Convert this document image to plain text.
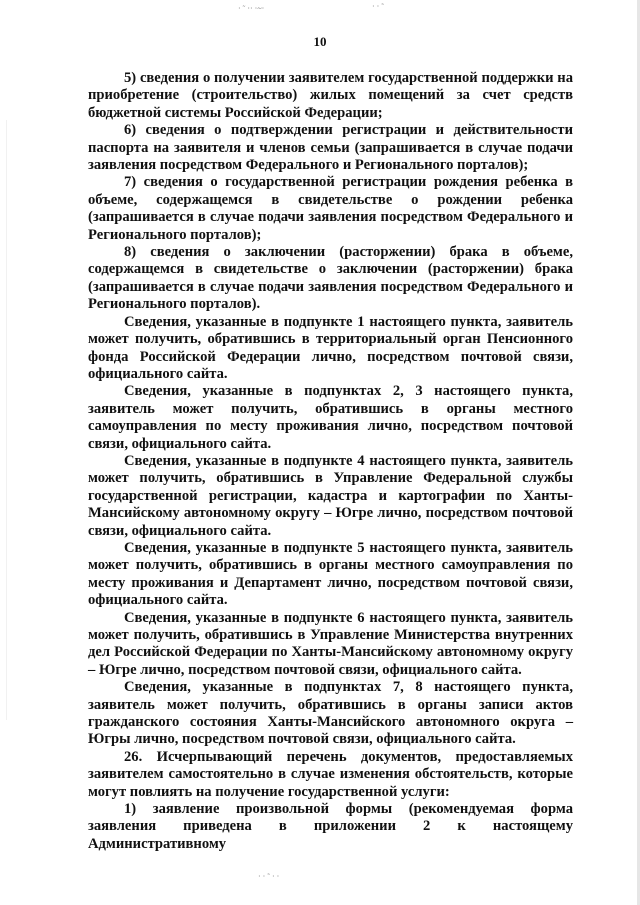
· ˜ ·· ·~·	· · ˜
10

5) сведения о получении заявителем государственной поддержки на приобретение (строительство) жилых помещений за счет средств бюджетной системы Российской Федерации;

6) сведения о подтверждении регистрации и действительности паспорта на заявителя и членов семьи (запрашивается в случае подачи заявления посредством Федерального и Регионального порталов);

7) сведения о государственной регистрации рождения ребенка в объеме, содержащемся в свидетельстве о рождении ребенка (запрашивается в случае подачи заявления посредством Федерального и Регионального порталов);

8) сведения о заключении (расторжении) брака в объеме, содержащемся в свидетельстве о заключении (расторжении) брака (запрашивается в случае подачи заявления посредством Федерального и Регионального порталов).

Сведения, указанные в подпункте 1 настоящего пункта, заявитель может получить, обратившись в территориальный орган Пенсионного фонда Российской Федерации лично, посредством почтовой связи, официального сайта.

Сведения, указанные в подпунктах 2, 3 настоящего пункта, заявитель может получить, обратившись в органы местного самоуправления по месту проживания лично, посредством почтовой связи, официального сайта.

Сведения, указанные в подпункте 4 настоящего пункта, заявитель может получить, обратившись в Управление Федеральной службы государственной регистрации, кадастра и картографии по Ханты-Мансийскому автономному округу – Югре лично, посредством почтовой связи, официального сайта.

Сведения, указанные в подпункте 5 настоящего пункта, заявитель может получить, обратившись в органы местного самоуправления по месту проживания и Департамент лично, посредством почтовой связи, официального сайта.

Сведения, указанные в подпункте 6 настоящего пункта, заявитель может получить, обратившись в Управление Министерства внутренних дел Российской Федерации по Ханты-Мансийскому автономному округу – Югре лично, посредством почтовой связи, официального сайта.

Сведения, указанные в подпунктах 7, 8 настоящего пункта, заявитель может получить, обратившись в органы записи актов гражданского состояния Ханты-Мансийского автономного округа – Югры лично, посредством почтовой связи, официального сайта.

26. Исчерпывающий перечень документов, предоставляемых заявителем самостоятельно в случае изменения обстоятельств, которые могут повлиять на получение государственной услуги:

1) заявление произвольной формы (рекомендуемая форма заявления приведена в приложении 2 к настоящему Административному

· · ˜ · ·
